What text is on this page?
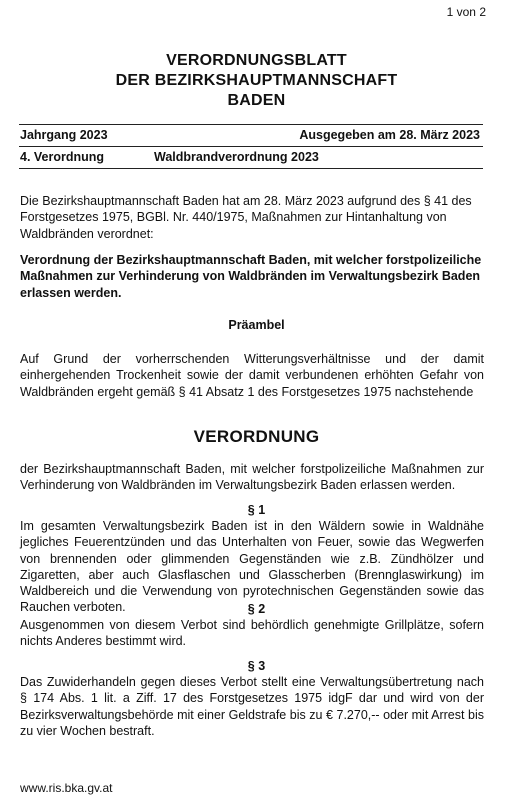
1 von 2
VERORDNUNGSBLATT
DER BEZIRKSHAUPTMANNSCHAFT
BADEN
Jahrgang 2023	Ausgegeben am 28. März 2023
4. Verordnung	Waldbrandverordnung 2023
Die Bezirkshauptmannschaft Baden hat am 28. März 2023 aufgrund des § 41 des Forstgesetzes 1975, BGBl. Nr. 440/1975, Maßnahmen zur Hintanhaltung von Waldbränden verordnet:
Verordnung der Bezirkshauptmannschaft Baden, mit welcher forstpolizeiliche Maßnahmen zur Verhinderung von Waldbränden im Verwaltungsbezirk Baden erlassen werden.
Präambel
Auf Grund der vorherrschenden Witterungsverhältnisse und der damit einhergehenden Trockenheit sowie der damit verbundenen erhöhten Gefahr von Waldbränden ergeht gemäß § 41 Absatz 1 des Forstgesetzes 1975 nachstehende
VERORDNUNG
der Bezirkshauptmannschaft Baden, mit welcher forstpolizeiliche Maßnahmen zur Verhinderung von Waldbränden im Verwaltungsbezirk Baden erlassen werden.
§ 1
Im gesamten Verwaltungsbezirk Baden ist in den Wäldern sowie in Waldnähe jegliches Feuerentzünden und das Unterhalten von Feuer, sowie das Wegwerfen von brennenden oder glimmenden Gegenständen wie z.B. Zündhölzer und Zigaretten, aber auch Glasflaschen und Glasscherben (Brennglaswirkung) im Waldbereich und die Verwendung von pyrotechnischen Gegenständen sowie das Rauchen verboten.	§ 2
Ausgenommen von diesem Verbot sind behördlich genehmigte Grillplätze, sofern nichts Anderes bestimmt wird.
§ 3
Das Zuwiderhandeln gegen dieses Verbot stellt eine Verwaltungsübertretung nach § 174 Abs. 1 lit. a Ziff. 17 des Forstgesetzes 1975 idgF dar und wird von der Bezirksverwaltungsbehörde mit einer Geldstrafe bis zu € 7.270,-- oder mit Arrest bis zu vier Wochen bestraft.
www.ris.bka.gv.at
